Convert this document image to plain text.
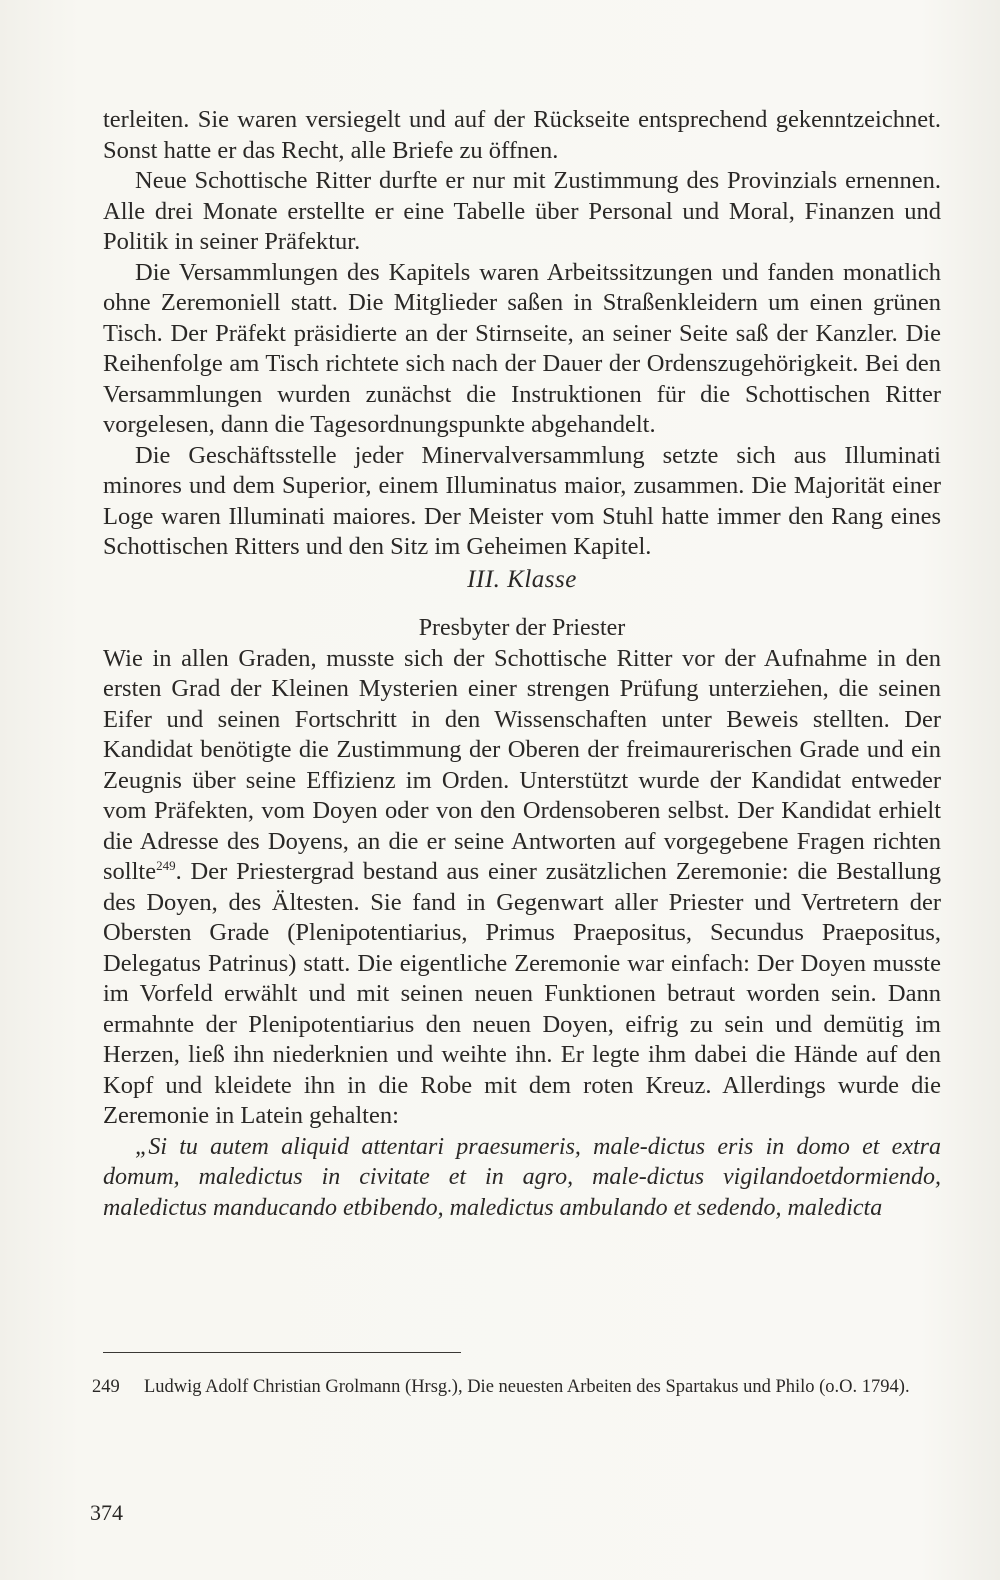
terleiten. Sie waren versiegelt und auf der Rückseite entsprechend gekenntzeichnet. Sonst hatte er das Recht, alle Briefe zu öffnen.

Neue Schottische Ritter durfte er nur mit Zustimmung des Provinzials ernennen. Alle drei Monate erstellte er eine Tabelle über Personal und Moral, Finanzen und Politik in seiner Präfektur.

Die Versammlungen des Kapitels waren Arbeitssitzungen und fanden monatlich ohne Zeremoniell statt. Die Mitglieder saßen in Straßenkleidern um einen grünen Tisch. Der Präfekt präsidierte an der Stirnseite, an seiner Seite saß der Kanzler. Die Reihenfolge am Tisch richtete sich nach der Dauer der Ordenszugehörigkeit. Bei den Versammlungen wurden zunächst die Instruktionen für die Schottischen Ritter vorgelesen, dann die Tagesordnungspunkte abgehandelt.

Die Geschäftsstelle jeder Minervalversammlung setzte sich aus Illuminati minores und dem Superior, einem Illuminatus maior, zusammen. Die Majorität einer Loge waren Illuminati maiores. Der Meister vom Stuhl hatte immer den Rang eines Schottischen Ritters und den Sitz im Geheimen Kapitel.

III. Klasse
Presbyter der Priester

Wie in allen Graden, musste sich der Schottische Ritter vor der Aufnahme in den ersten Grad der Kleinen Mysterien einer strengen Prüfung unterziehen, die seinen Eifer und seinen Fortschritt in den Wissenschaften unter Beweis stellten. Der Kandidat benötigte die Zustimmung der Oberen der freimaurerischen Grade und ein Zeugnis über seine Effizienz im Orden. Unterstützt wurde der Kandidat entweder vom Präfekten, vom Doyen oder von den Ordensoberen selbst. Der Kandidat erhielt die Adresse des Doyens, an die er seine Antworten auf vorgegebene Fragen richten sollte$^{249}$. Der Priestergrad bestand aus einer zusätzlichen Zeremonie: die Bestallung des Doyen, des Ältesten. Sie fand in Gegenwart aller Priester und Vertretern der Obersten Grade (Plenipotentiarius, Primus Praepositus, Secundus Praepositus, Delegatus Patrinus) statt. Die eigentliche Zeremonie war einfach: Der Doyen musste im Vorfeld erwählt und mit seinen neuen Funktionen betraut worden sein. Dann ermahnte der Plenipotentiarius den neuen Doyen, eifrig zu sein und demütig im Herzen, ließ ihn niederknien und weihte ihn. Er legte ihm dabei die Hände auf den Kopf und kleidete ihn in die Robe mit dem roten Kreuz. Allerdings wurde die Zeremonie in Latein gehalten:

„Si tu autem aliquid attentari praesumeris, male-dictus eris in domo et extra domum, maledictus in civitate et in agro, male-dictus vigilandoetdormiendo, maledictus manducando etbibendo, maledictus ambulando et sedendo, maledicta

249	Ludwig Adolf Christian Grolmann (Hrsg.), Die neuesten Arbeiten des Spartakus und Philo (o.O. 1794).
374
